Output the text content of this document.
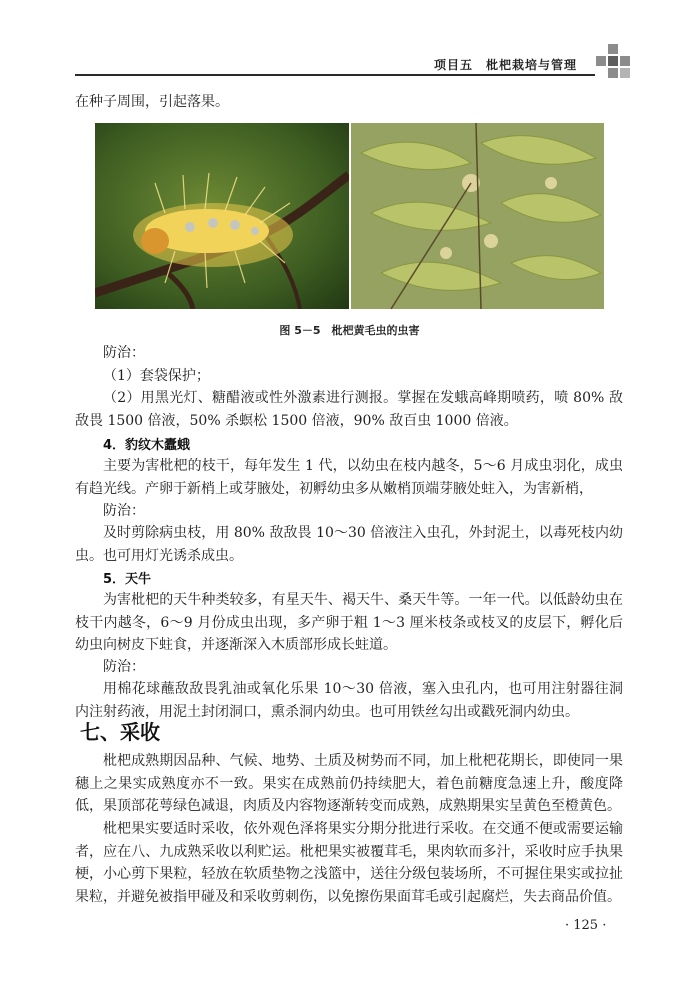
项目五　枇杷栽培与管理

在种子周围，引起落果。

图 5－5　枇杷黄毛虫的虫害

防治：

（1）套袋保护；

（2）用黑光灯、糖醋液或性外激素进行测报。掌握在发蛾高峰期喷药，喷 80% 敌敌畏 1500 倍液，50% 杀螟松 1500 倍液，90% 敌百虫 1000 倍液。

4．豹纹木蠹蛾

主要为害枇杷的枝干，每年发生 1 代，以幼虫在枝内越冬，5～6 月成虫羽化，成虫有趋光线。产卵于新梢上或芽腋处，初孵幼虫多从嫩梢顶端芽腋处蛀入，为害新梢，

防治：

及时剪除病虫枝，用 80% 敌敌畏 10～30 倍液注入虫孔，外封泥土，以毒死枝内幼虫。也可用灯光诱杀成虫。

5．天牛

为害枇杷的天牛种类较多，有星天牛、褐天牛、桑天牛等。一年一代。以低龄幼虫在枝干内越冬，6～9 月份成虫出现，多产卵于粗 1～3 厘米枝条或枝叉的皮层下，孵化后幼虫向树皮下蛀食，并逐渐深入木质部形成长蛀道。

防治：

用棉花球蘸敌敌畏乳油或氧化乐果 10～30 倍液，塞入虫孔内，也可用注射器往洞内注射药液，用泥土封闭洞口，熏杀洞内幼虫。也可用铁丝勾出或戳死洞内幼虫。

七、采收

枇杷成熟期因品种、气候、地势、土质及树势而不同，加上枇杷花期长，即使同一果穗上之果实成熟度亦不一致。果实在成熟前仍持续肥大，着色前糖度急速上升，酸度降低，果顶部花萼绿色减退，肉质及内容物逐渐转变而成熟，成熟期果实呈黄色至橙黄色。

枇杷果实要适时采收，依外观色泽将果实分期分批进行采收。在交通不便或需要运输者，应在八、九成熟采收以利贮运。枇杷果实被覆茸毛，果肉软而多汁，采收时应手执果梗，小心剪下果粒，轻放在软质垫物之浅篮中，送往分级包装场所，不可握住果实或拉扯果粒，并避免被指甲碰及和采收剪刺伤，以免擦伤果面茸毛或引起腐烂，失去商品价值。

· 125 ·
